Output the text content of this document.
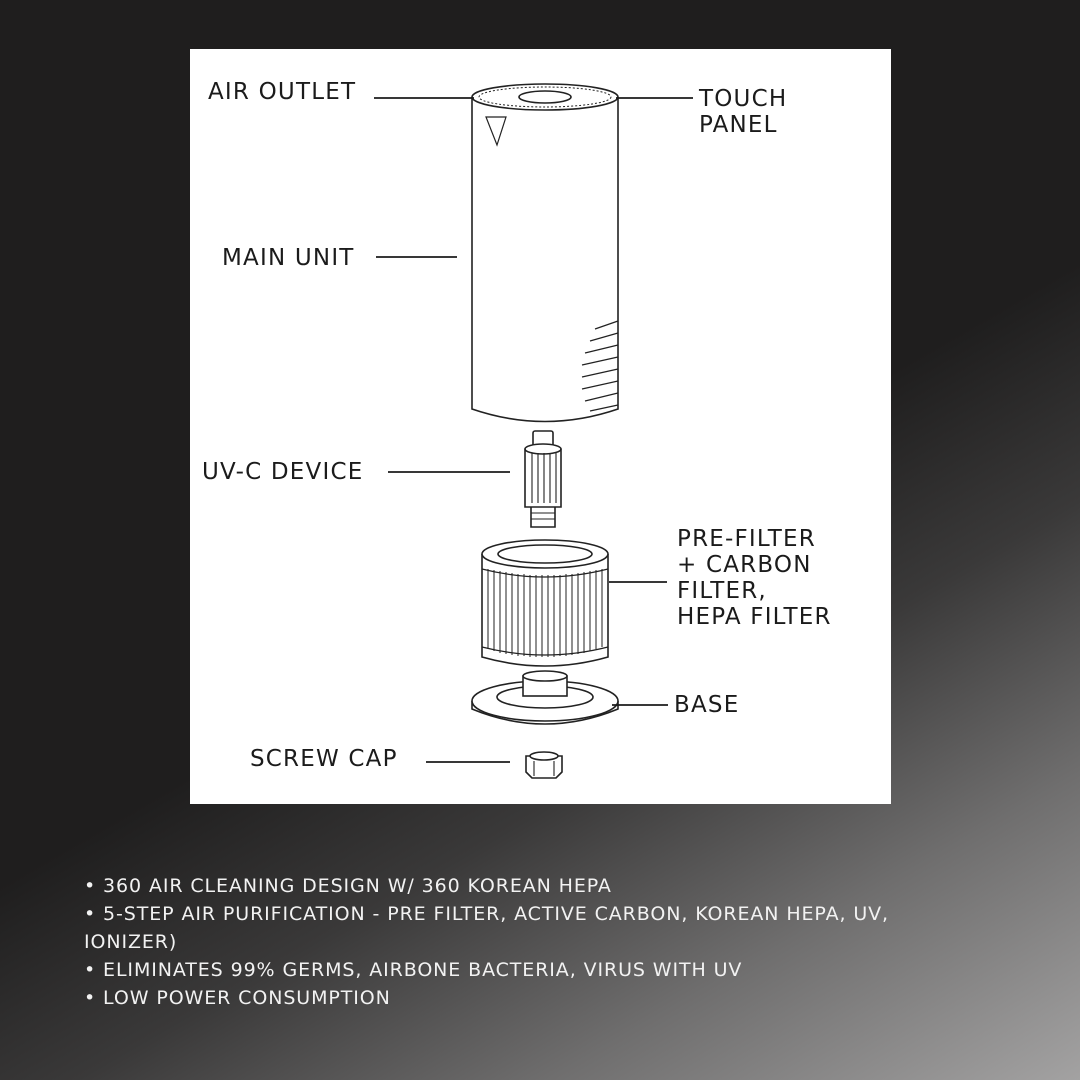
AIR OUTLET	TOUCH
PANEL
MAIN UNIT
UV-C DEVICE
PRE-FILTER
+ CARBON
FILTER,
HEPA FILTER
BASE
SCREW CAP
• 360 AIR CLEANING DESIGN W/ 360 KOREAN HEPA
• 5-STEP AIR PURIFICATION - PRE FILTER, ACTIVE CARBON, KOREAN HEPA, UV, IONIZER)
• ELIMINATES 99% GERMS, AIRBONE BACTERIA, VIRUS WITH UV
• LOW POWER CONSUMPTION
